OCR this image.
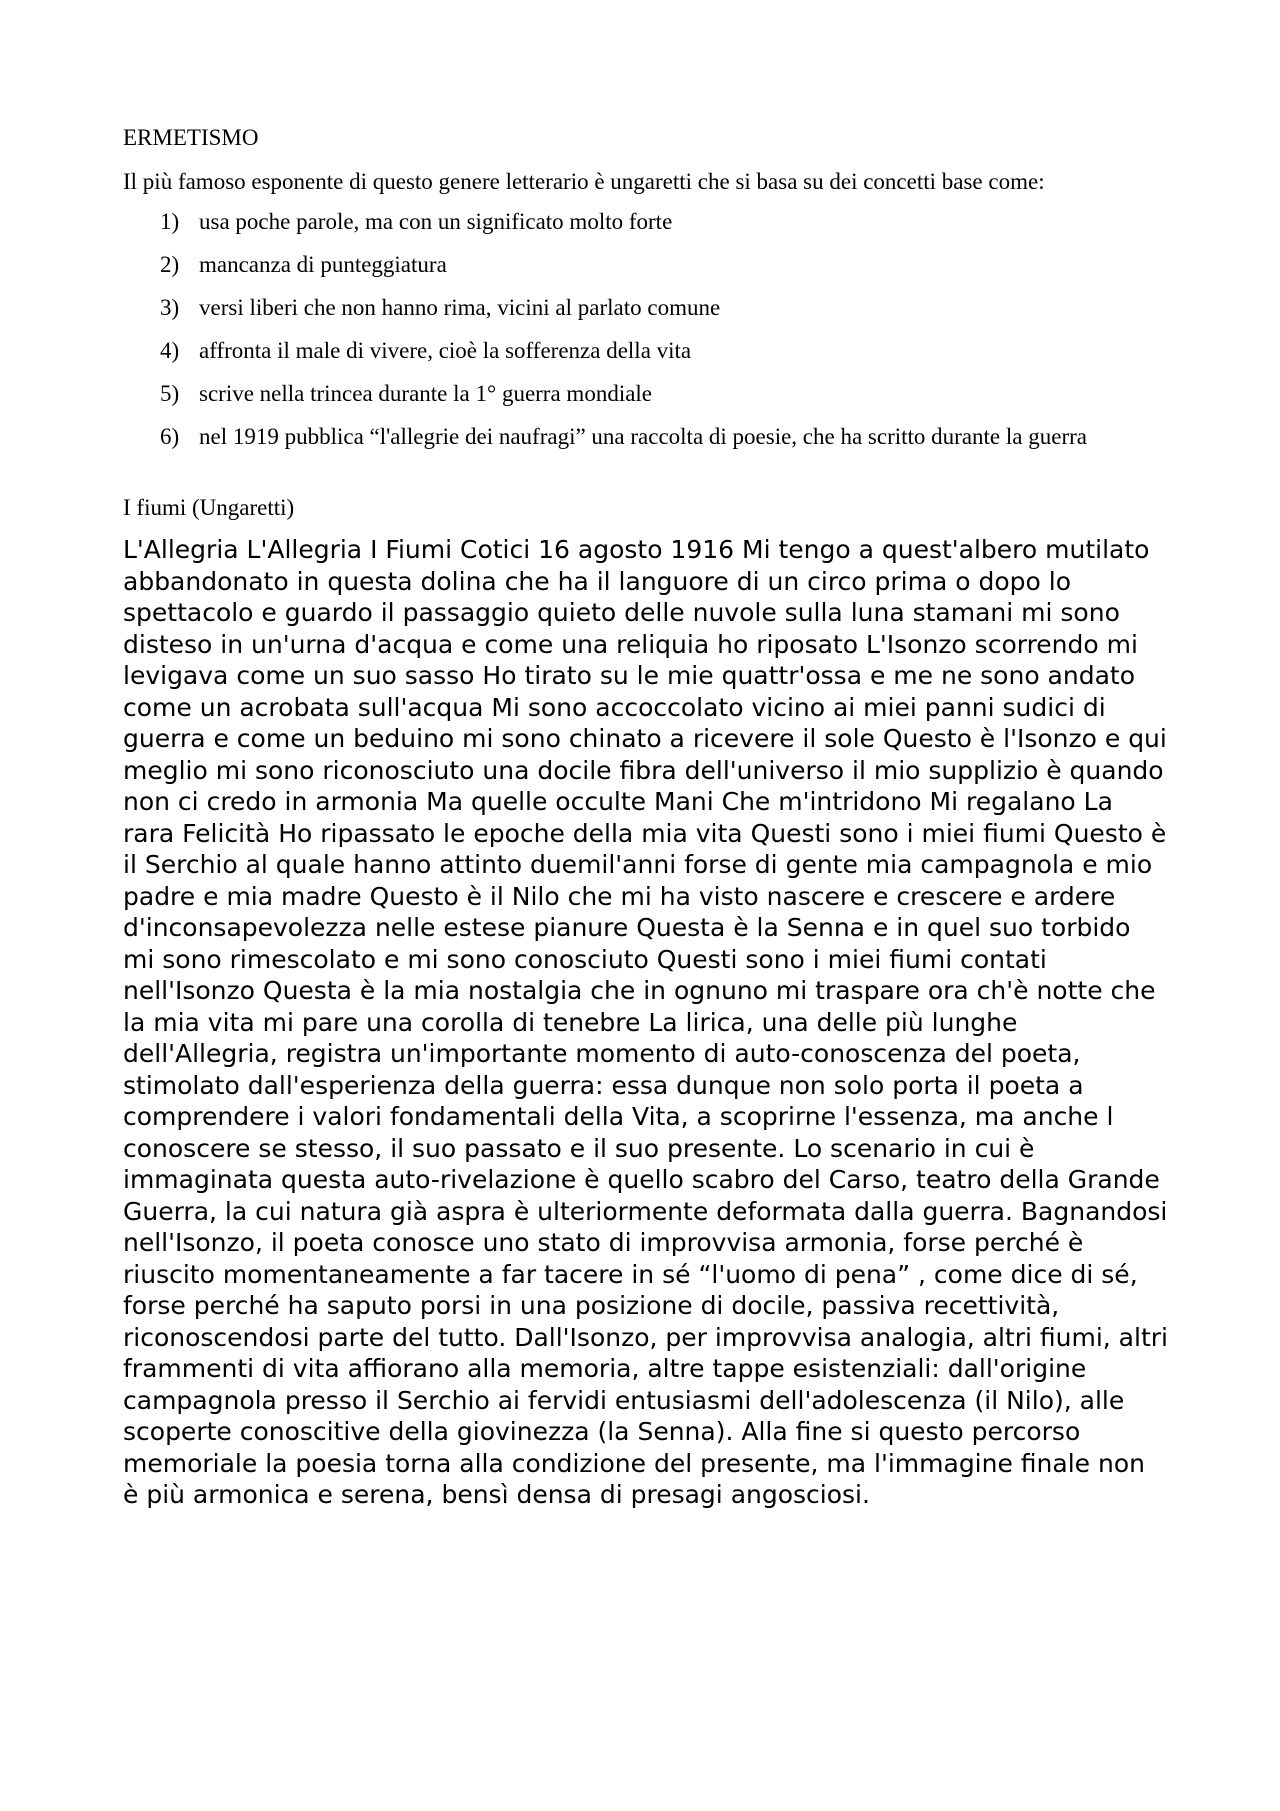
ERMETISMO

Il più famoso esponente di questo genere letterario è ungaretti che si basa su dei concetti base come:

1) usa poche parole, ma con un significato molto forte
2) mancanza di punteggiatura
3) versi liberi che non hanno rima, vicini al parlato comune
4) affronta il male di vivere, cioè la sofferenza della vita
5) scrive nella trincea durante la 1° guerra mondiale
6) nel 1919 pubblica “l'allegrie dei naufragi” una raccolta di poesie, che ha scritto durante la guerra
I fiumi (Ungaretti)

L'Allegria L'Allegria I Fiumi Cotici 16 agosto 1916 Mi tengo a quest'albero mutilato abbandonato in questa dolina che ha il languore di un circo prima o dopo lo spettacolo e guardo il passaggio quieto delle nuvole sulla luna stamani mi sono disteso in un'urna d'acqua e come una reliquia ho riposato L'Isonzo scorrendo mi levigava come un suo sasso Ho tirato su le mie quattr'ossa e me ne sono andato come un acrobata sull'acqua Mi sono accoccolato vicino ai miei panni sudici di guerra e come un beduino mi sono chinato a ricevere il sole Questo è l'Isonzo e qui meglio mi sono riconosciuto una docile fibra dell'universo il mio supplizio è quando non ci credo in armonia Ma quelle occulte Mani Che m'intridono Mi regalano La rara Felicità Ho ripassato le epoche della mia vita Questi sono i miei fiumi Questo è il Serchio al quale hanno attinto duemil'anni forse di gente mia campagnola e mio padre e mia madre Questo è il Nilo che mi ha visto nascere e crescere e ardere d'inconsapevolezza nelle estese pianure Questa è la Senna e in quel suo torbido mi sono rimescolato e mi sono conosciuto Questi sono i miei fiumi contati nell'Isonzo Questa è la mia nostalgia che in ognuno mi traspare ora ch'è notte che la mia vita mi pare una corolla di tenebre La lirica, una delle più lunghe dell'Allegria, registra un'importante momento di auto-conoscenza del poeta, stimolato dall'esperienza della guerra: essa dunque non solo porta il poeta a comprendere i valori fondamentali della Vita, a scoprirne l'essenza, ma anche l conoscere se stesso, il suo passato e il suo presente. Lo scenario in cui è immaginata questa auto-rivelazione è quello scabro del Carso, teatro della Grande Guerra, la cui natura già aspra è ulteriormente deformata dalla guerra. Bagnandosi nell'Isonzo, il poeta conosce uno stato di improvvisa armonia, forse perché è riuscito momentaneamente a far tacere in sé “l'uomo di pena” , come dice di sé, forse perché ha saputo porsi in una posizione di docile, passiva recettività, riconoscendosi parte del tutto. Dall'Isonzo, per improvvisa analogia, altri fiumi, altri frammenti di vita affiorano alla memoria, altre tappe esistenziali: dall'origine campagnola presso il Serchio ai fervidi entusiasmi dell'adolescenza (il Nilo), alle scoperte conoscitive della giovinezza (la Senna). Alla fine si questo percorso memoriale la poesia torna alla condizione del presente, ma l'immagine finale non è più armonica e serena, bensì densa di presagi angosciosi.
